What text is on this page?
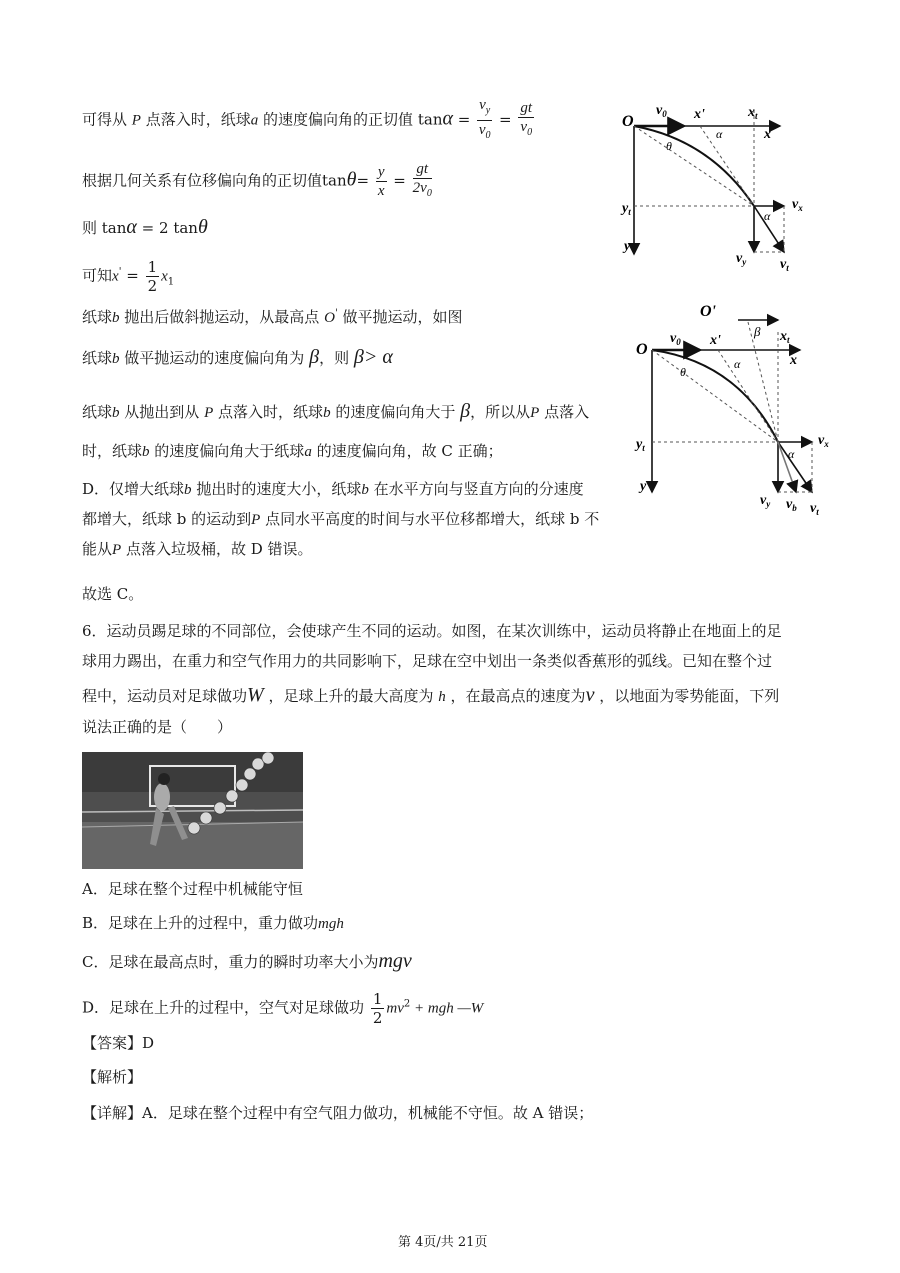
可得从 P 点落入时，纸球a 的速度偏向角的正切值 $\tan\alpha = \frac{v_y}{v_0} = \frac{gt}{v_0}$
根据几何关系有位移偏向角的正切值$\tan\theta= \frac{y}{x} = \frac{gt}{2v_0}$
则 tanα = 2 tanθ
可知$x' = \frac{1}{2} x_1$
纸球b 抛出后做斜抛运动，从最高点 O' 做平抛运动，如图
纸球b 做平抛运动的速度偏向角为 β，则 β> α
纸球b 从抛出到从 P 点落入时，纸球b 的速度偏向角大于 β，所以从P 点落入
时，纸球b 的速度偏向角大于纸球a 的速度偏向角，故 C 正确；
D．仅增大纸球b 抛出时的速度大小，纸球b 在水平方向与竖直方向的分速度
都增大，纸球 b 的运动到P 点同水平高度的时间与水平位移都增大，纸球 b 不
能从P 点落入垃圾桶，故 D 错误。
故选 C。
6．运动员踢足球的不同部位，会使球产生不同的运动。如图，在某次训练中，运动员将静止在地面上的足
球用力踢出，在重力和空气作用力的共同影响下，足球在空中划出一条类似香蕉形的弧线。已知在整个过
程中，运动员对足球做功W ，足球上升的最大高度为 h ，在最高点的速度为v ，以地面为零势能面，下列
说法正确的是（　　）
A．足球在整个过程中机械能守恒
B．足球在上升的过程中，重力做功mgh
C．足球在最高点时，重力的瞬时功率大小为mgv
D．足球在上升的过程中，空气对足球做功 $\frac{1}{2} mv^2$ + mgh —W
【答案】D
【解析】
【详解】A．足球在整个过程中有空气阻力做功，机械能不守恒。故 A 错误；
第 4页/共 21页
O
$v_0$ x'
α
$x_t$
x
θ
$y_t$	$v_x$
α
y
$v_y$ $v_t$
O'
β $x_t$
O
$v_0$ x'
α	x
θ
$y_t$	$v_x$
α
y
$v_y$ $v_b$ $v_t$
